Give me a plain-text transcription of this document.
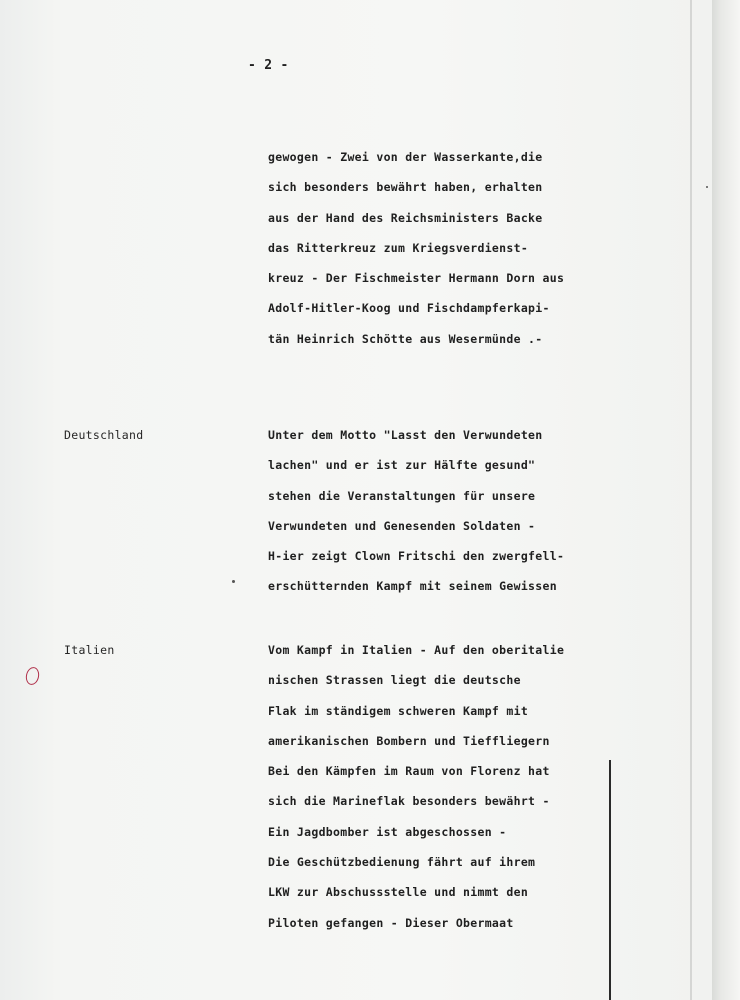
- 2 -
gewogen - Zwei von der Wasserkante,die
sich besonders bewährt haben, erhalten
aus der Hand des Reichsministers Backe
das Ritterkreuz zum Kriegsverdienst-
kreuz - Der Fischmeister Hermann Dorn aus
Adolf-Hitler-Koog und Fischdampferkapi-
tän Heinrich Schötte aus Wesermünde .-
Deutschland	Unter dem Motto "Lasst den Verwundeten
lachen" und er ist zur Hälfte gesund"
stehen die Veranstaltungen für unsere
Verwundeten und Genesenden Soldaten -
H-ier zeigt Clown Fritschi den zwergfell-
erschütternden Kampf mit seinem Gewissen
Italien	Vom Kampf in Italien - Auf den oberitalie
nischen Strassen liegt die deutsche
Flak im ständigem schweren Kampf mit
amerikanischen Bombern und Tieffliegern
Bei den Kämpfen im Raum von Florenz hat
sich die Marineflak besonders bewährt -
Ein Jagdbomber ist abgeschossen -
Die Geschützbedienung fährt auf ihrem
LKW zur Abschussstelle und nimmt den
Piloten gefangen - Dieser Obermaat
